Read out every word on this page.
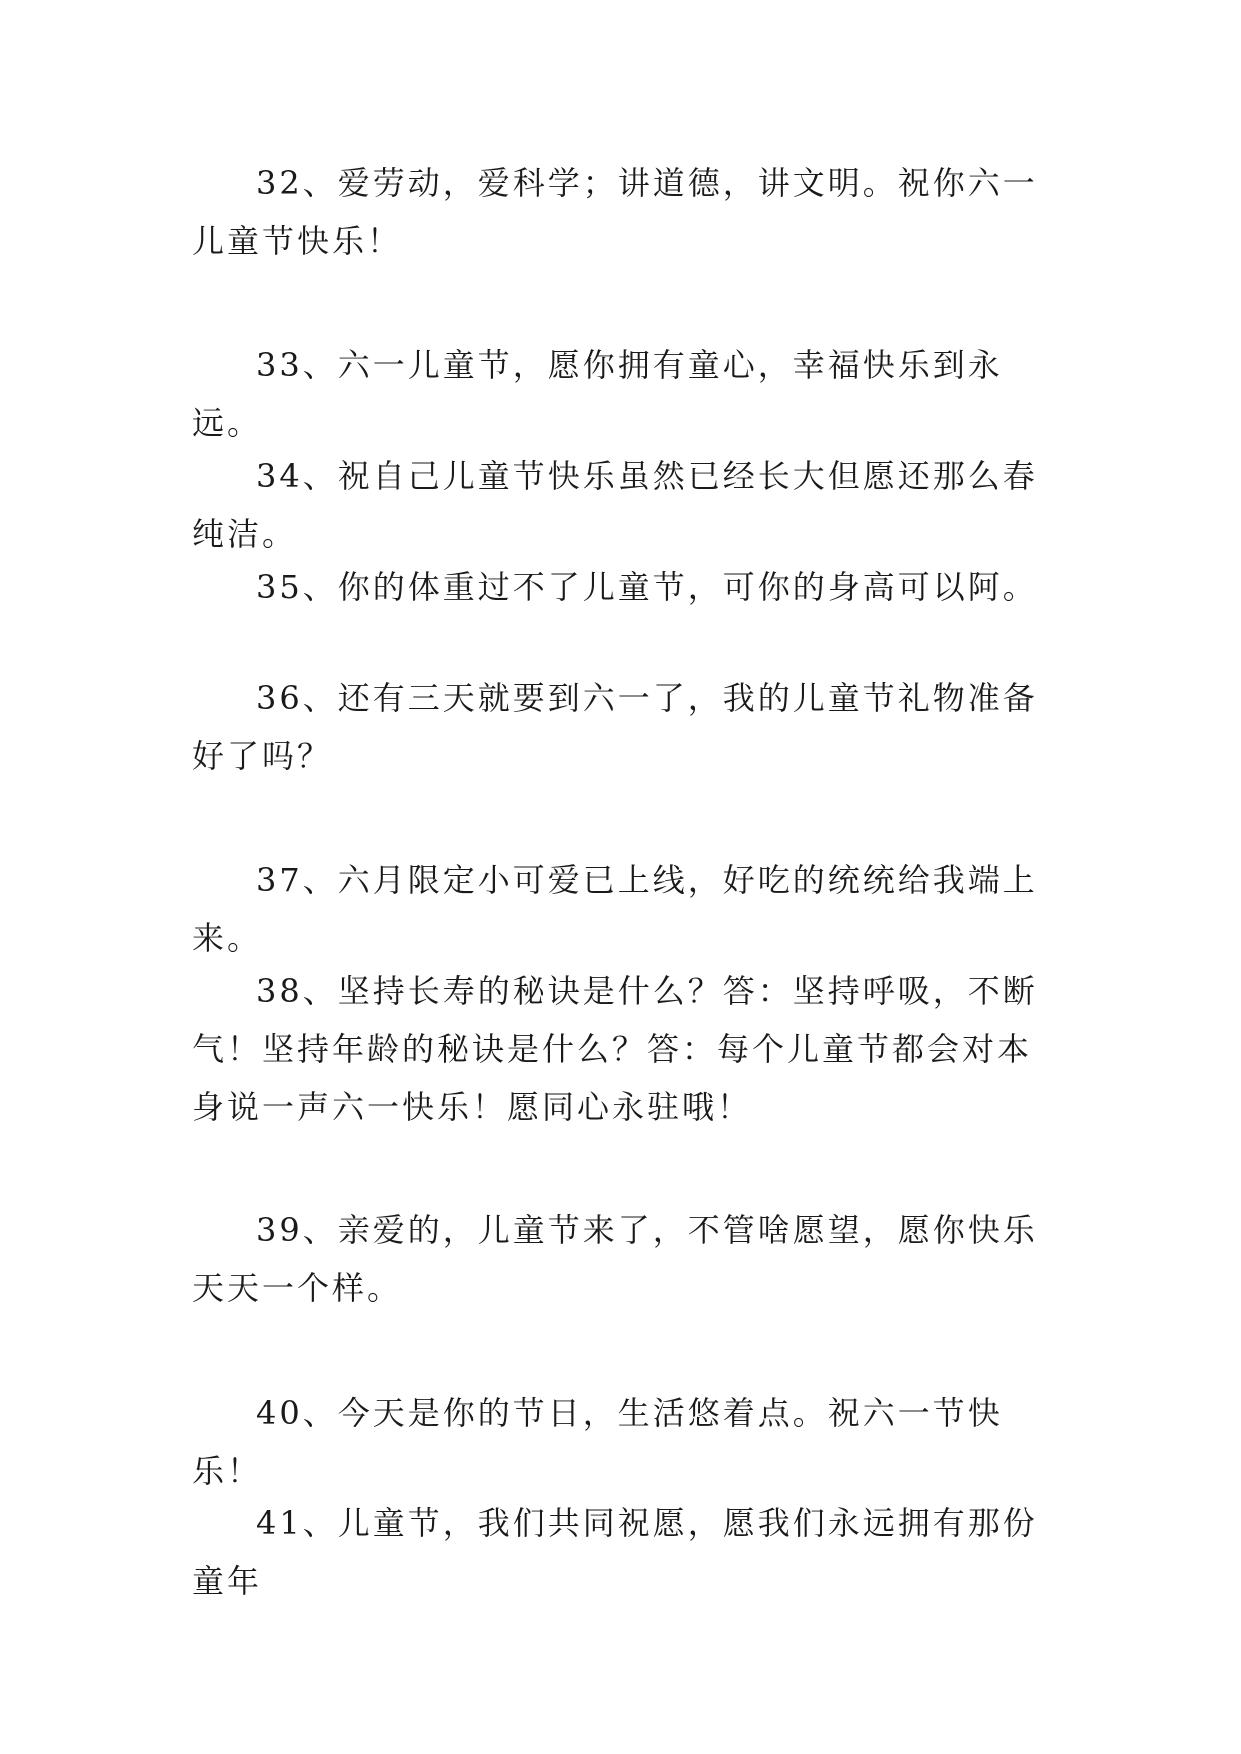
32、爱劳动，爱科学；讲道德，讲文明。祝你六一儿童节快乐！

33、六一儿童节，愿你拥有童心，幸福快乐到永远。

34、祝自己儿童节快乐虽然已经长大但愿还那么春纯洁。

35、你的体重过不了儿童节，可你的身高可以阿。

36、还有三天就要到六一了，我的儿童节礼物准备好了吗？

37、六月限定小可爱已上线，好吃的统统给我端上来。

38、坚持长寿的秘诀是什么？答：坚持呼吸，不断气！坚持年龄的秘诀是什么？答：每个儿童节都会对本身说一声六一快乐！愿同心永驻哦！

39、亲爱的，儿童节来了，不管啥愿望，愿你快乐天天一个样。

40、今天是你的节日，生活悠着点。祝六一节快乐！

41、儿童节，我们共同祝愿，愿我们永远拥有那份童年
